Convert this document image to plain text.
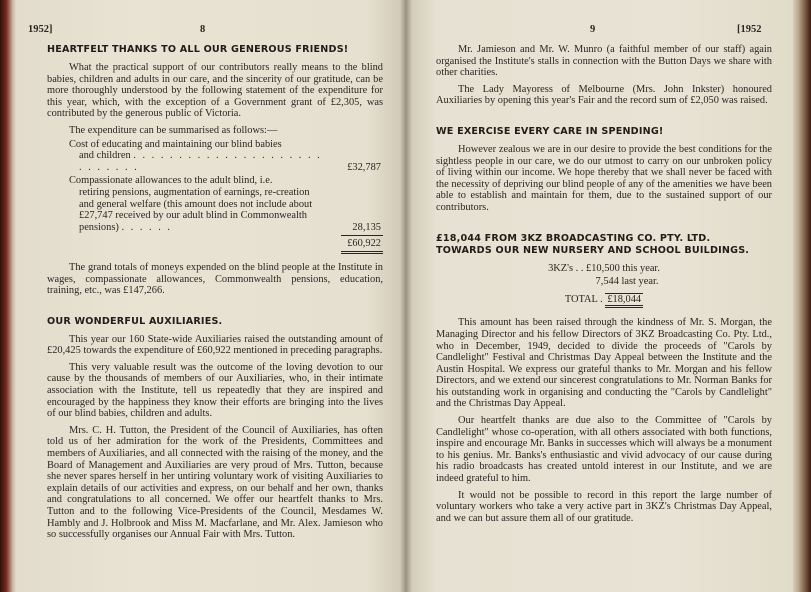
1952]	8
HEARTFELT THANKS TO ALL OUR GENEROUS FRIENDS!

What the practical support of our contributors really means to the blind babies, children and adults in our care, and the sincerity of our gratitude, can be more thoroughly understood by the following statement of the expenditure for this year, which, with the exception of a Government grant of £2,305, was contributed by the generous public of Victoria.

The expenditure can be summarised as follows:—
Cost of educating and maintaining our blind babies
and children . . . . . . . . . . . . . . . . . . . . . . . . . . . .	£32,787
Compassionate allowances to the adult blind, i.e.
retiring pensions, augmentation of earnings, re-creation and general welfare (this amount does not include about £27,747 received by our adult blind in Commonwealth pensions) . . . . . .	28,135
£60,922

The grand totals of moneys expended on the blind people at the Institute in wages, compassionate allowances, Commonwealth pensions, education, training, etc., was £147,266.

OUR WONDERFUL AUXILIARIES.

This year our 160 State-wide Auxiliaries raised the outstanding amount of £20,425 towards the expenditure of £60,922 mentioned in preceding paragraphs.

This very valuable result was the outcome of the loving devotion to our cause by the thousands of members of our Auxiliaries, who, in their intimate association with the Institute, tell us repeatedly that they are inspired and encouraged by the happiness they know their efforts are bringing into the lives of our blind babies, children and adults.

Mrs. C. H. Tutton, the President of the Council of Auxiliaries, has often told us of her admiration for the work of the Presidents, Committees and members of Auxiliaries, and all connected with the raising of the money, and the Board of Management and Auxiliaries are very proud of Mrs. Tutton, because she never spares herself in her untiring voluntary work of visiting Auxiliaries to explain details of our activities and express, on our behalf and her own, thanks and congratulations to all concerned. We offer our heartfelt thanks to Mrs. Tutton and to the following Vice-Presidents of the Council, Mesdames W. Hambly and J. Holbrook and Miss M. Macfarlane, and Mr. Alex. Jamieson who so successfully organises our Annual Fair with Mrs. Tutton.

9	[1952

Mr. Jamieson and Mr. W. Munro (a faithful member of our staff) again organised the Institute's stalls in connection with the Button Days we share with other charities.

The Lady Mayoress of Melbourne (Mrs. John Inkster) honoured Auxiliaries by opening this year's Fair and the record sum of £2,050 was raised.

WE EXERCISE EVERY CARE IN SPENDING!

However zealous we are in our desire to provide the best conditions for the sightless people in our care, we do our utmost to carry on our unbroken policy of living within our income. We hope thereby that we shall never be faced with the necessity of depriving our blind people of any of the amenities we have been able to establish and maintain for them, due to the sustained support of our contributors.

£18,044 FROM 3KZ BROADCASTING CO. PTY. LTD.
TOWARDS OUR NEW NURSERY AND SCHOOL BUILDINGS.
3KZ's . . £10,500 this year.
7,544 last year.
TOTAL . £18,044

This amount has been raised through the kindness of Mr. S. Morgan, the Managing Director and his fellow Directors of 3KZ Broadcasting Co. Pty. Ltd., who in December, 1949, decided to divide the proceeds of "Carols by Candlelight" Festival and Christmas Day Appeal between the Institute and the Austin Hospital. We express our grateful thanks to Mr. Morgan and his fellow Directors, and we extend our sincerest congratulations to Mr. Norman Banks for his outstanding work in organising and conducting the "Carols by Candlelight" and the Christmas Day Appeal.

Our heartfelt thanks are due also to the Committee of "Carols by Candlelight" whose co-operation, with all others associated with both functions, inspire and encourage Mr. Banks in successes which will always be a monument to his genius. Mr. Banks's enthusiastic and vivid advocacy of our cause during his radio broadcasts has created untold interest in our Institute, and we are indeed grateful to him.

It would not be possible to record in this report the large number of voluntary workers who take a very active part in 3KZ's Christmas Day Appeal, and we can but assure them all of our gratitude.
